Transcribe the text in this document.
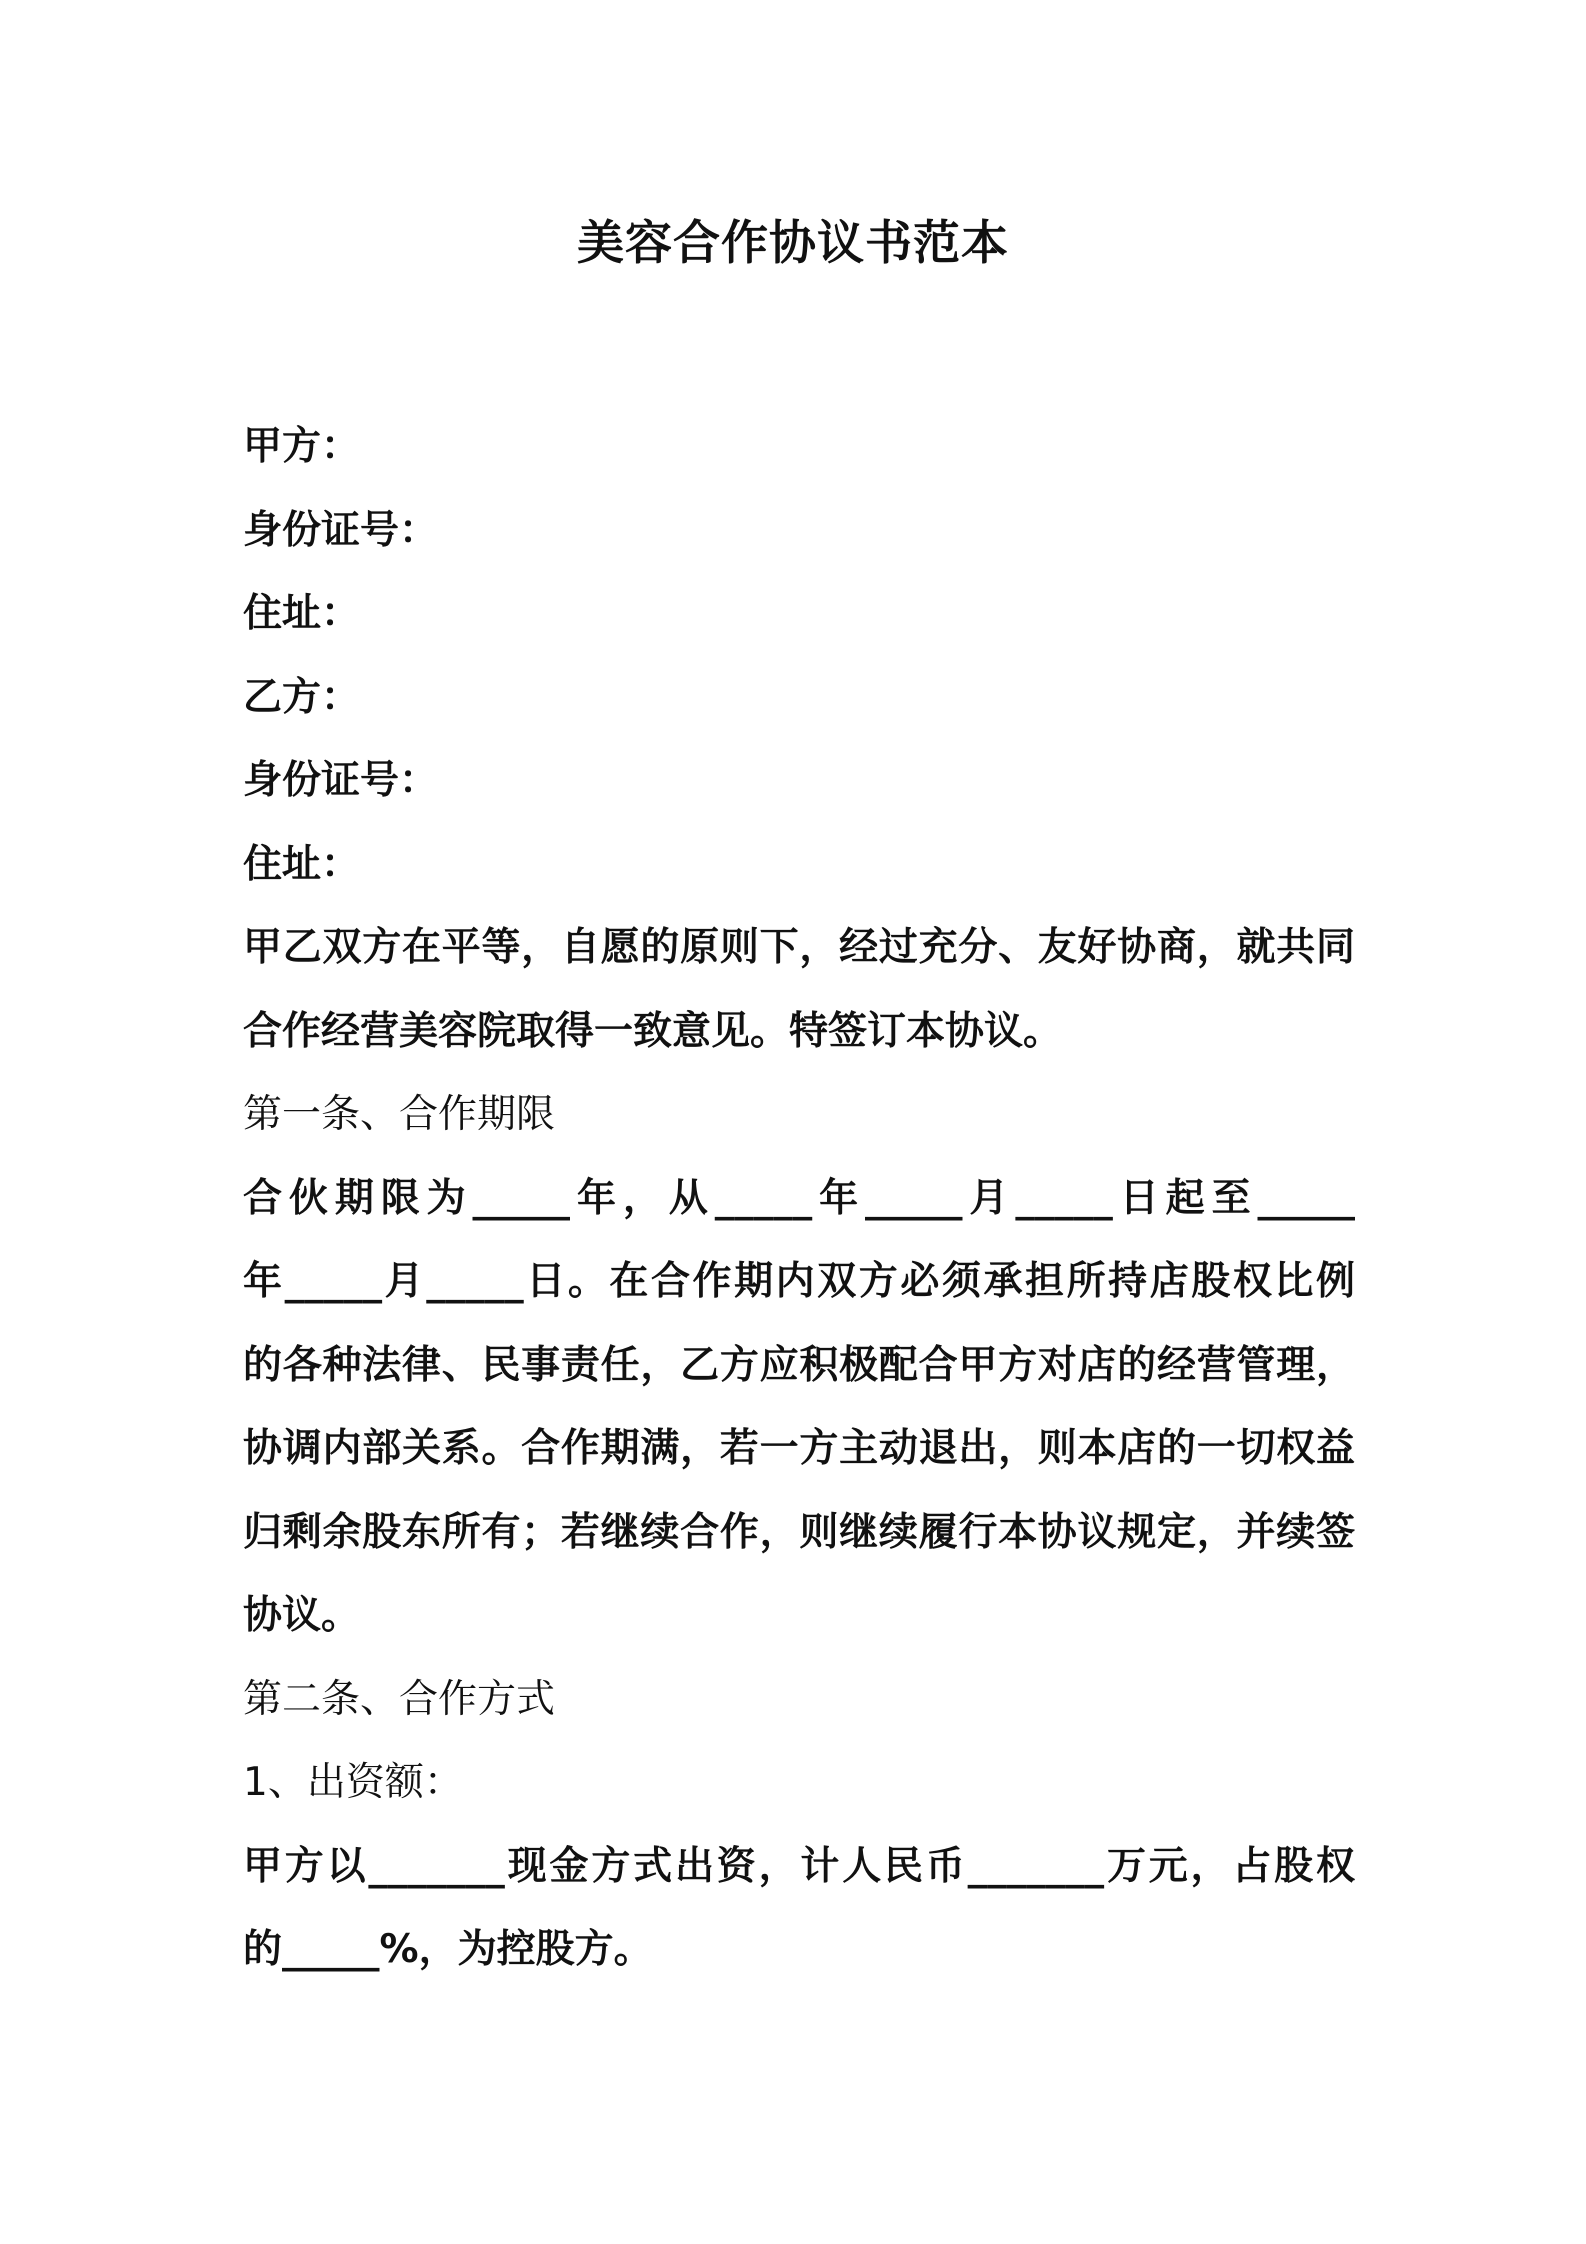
美容合作协议书范本
甲方：
身份证号：
住址：
乙方：
身份证号：
住址：
甲乙双方在平等，自愿的原则下，经过充分、友好协商，就共同
合作经营美容院取得一致意见。特签订本协议。
第一条、合作期限
合伙期限为_____年，从_____年_____月_____日起至_____
年_____月_____日。在合作期内双方必须承担所持店股权比例
的各种法律、民事责任，乙方应积极配合甲方对店的经营管理，
协调内部关系。合作期满，若一方主动退出，则本店的一切权益
归剩余股东所有；若继续合作，则继续履行本协议规定，并续签
协议。
第二条、合作方式
1、出资额：
甲方以_______现金方式出资，计人民币_______万元，占股权
的_____%，为控股方。
